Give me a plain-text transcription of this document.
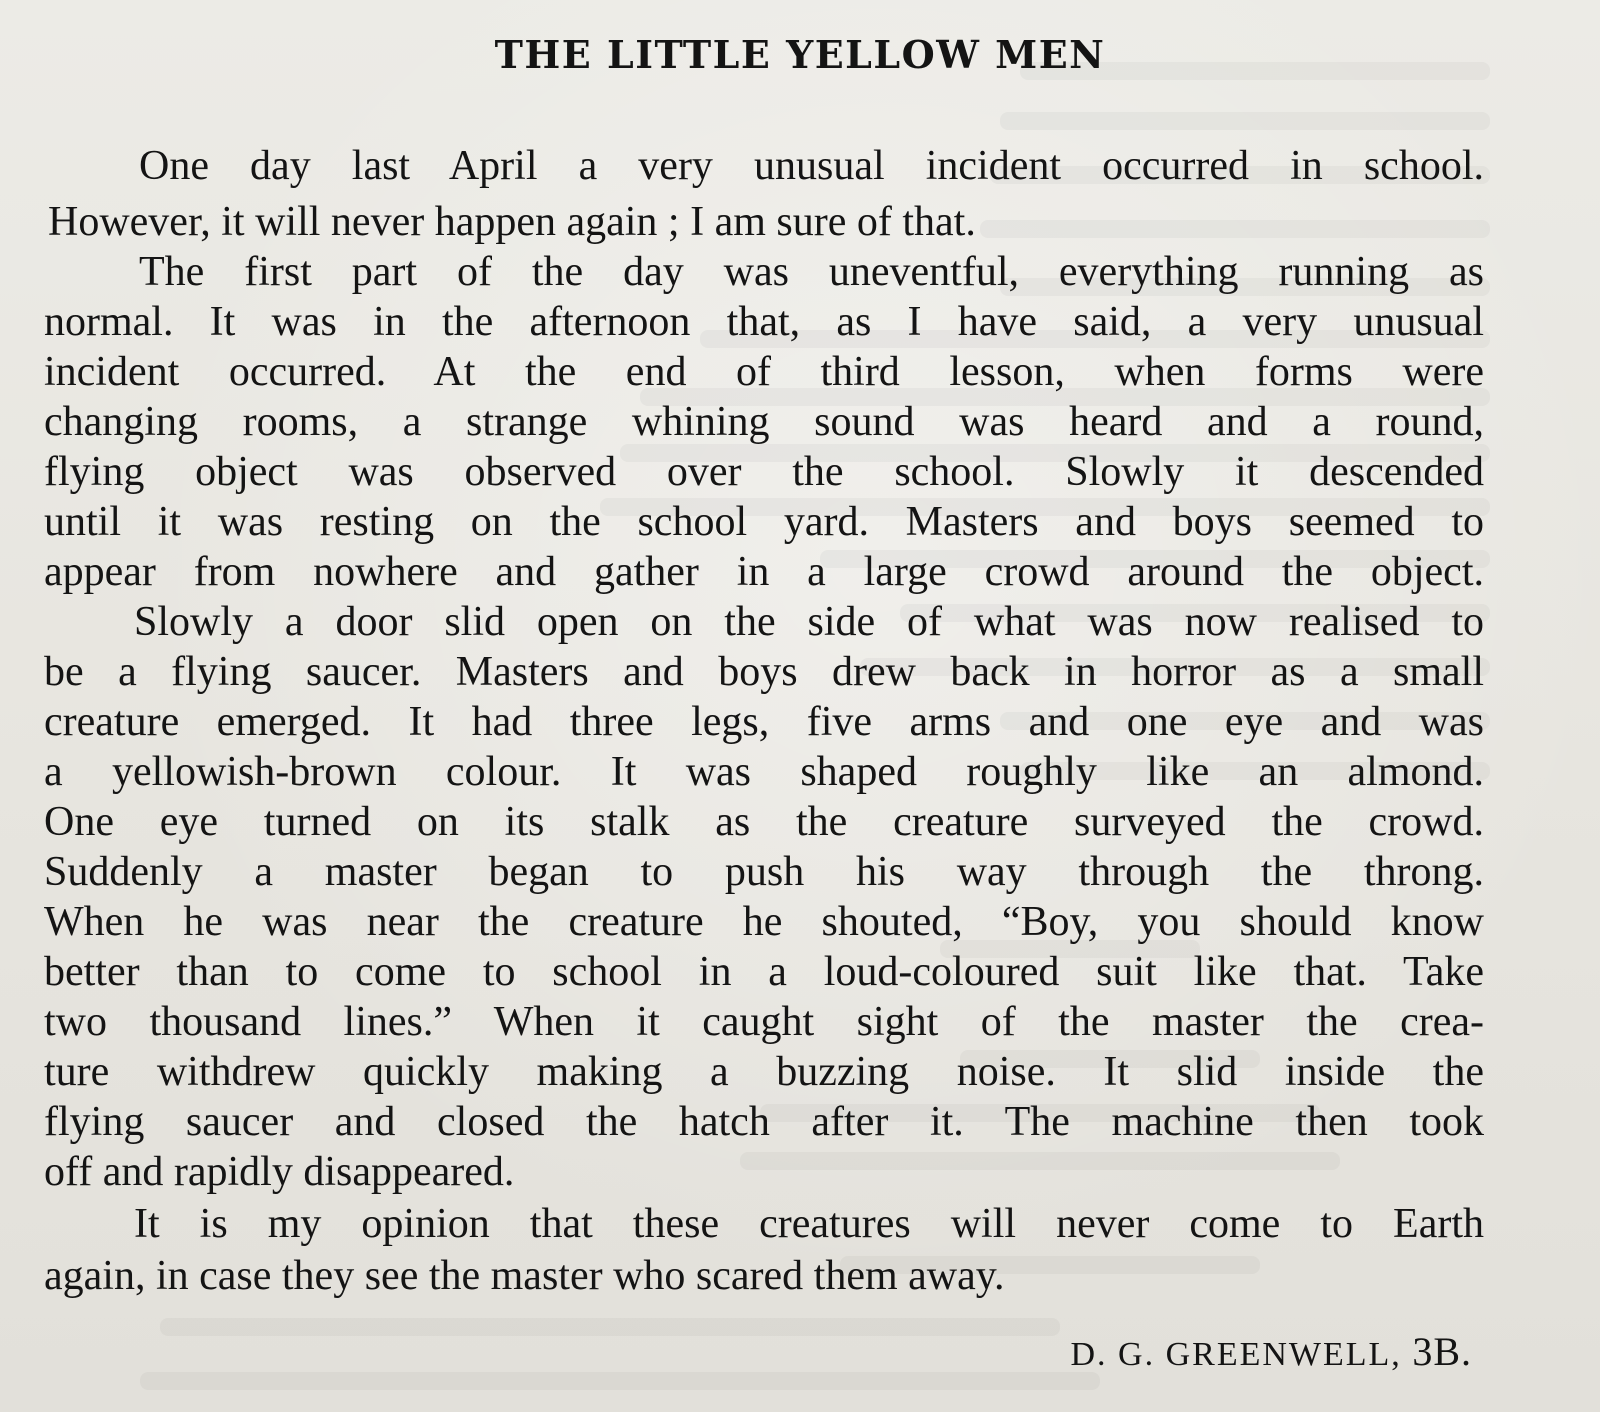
THE LITTLE YELLOW MEN
One day last April a very unusual incident occurred in school.
However, it will never happen again ; I am sure of that.
The first part of the day was uneventful, everything running as
normal. It was in the afternoon that, as I have said, a very unusual
incident occurred. At the end of third lesson, when forms were
changing rooms, a strange whining sound was heard and a round,
flying object was observed over the school. Slowly it descended
until it was resting on the school yard. Masters and boys seemed to
appear from nowhere and gather in a large crowd around the object.
Slowly a door slid open on the side of what was now realised to
be a flying saucer. Masters and boys drew back in horror as a small
creature emerged. It had three legs, five arms and one eye and was
a yellowish-brown colour. It was shaped roughly like an almond.
One eye turned on its stalk as the creature surveyed the crowd.
Suddenly a master began to push his way through the throng.
When he was near the creature he shouted, “Boy, you should know
better than to come to school in a loud-coloured suit like that. Take
two thousand lines.” When it caught sight of the master the crea-
ture withdrew quickly making a buzzing noise. It slid inside the
flying saucer and closed the hatch after it. The machine then took
off and rapidly disappeared.
It is my opinion that these creatures will never come to Earth
again, in case they see the master who scared them away.
D. G. GREENWELL, 3B.
